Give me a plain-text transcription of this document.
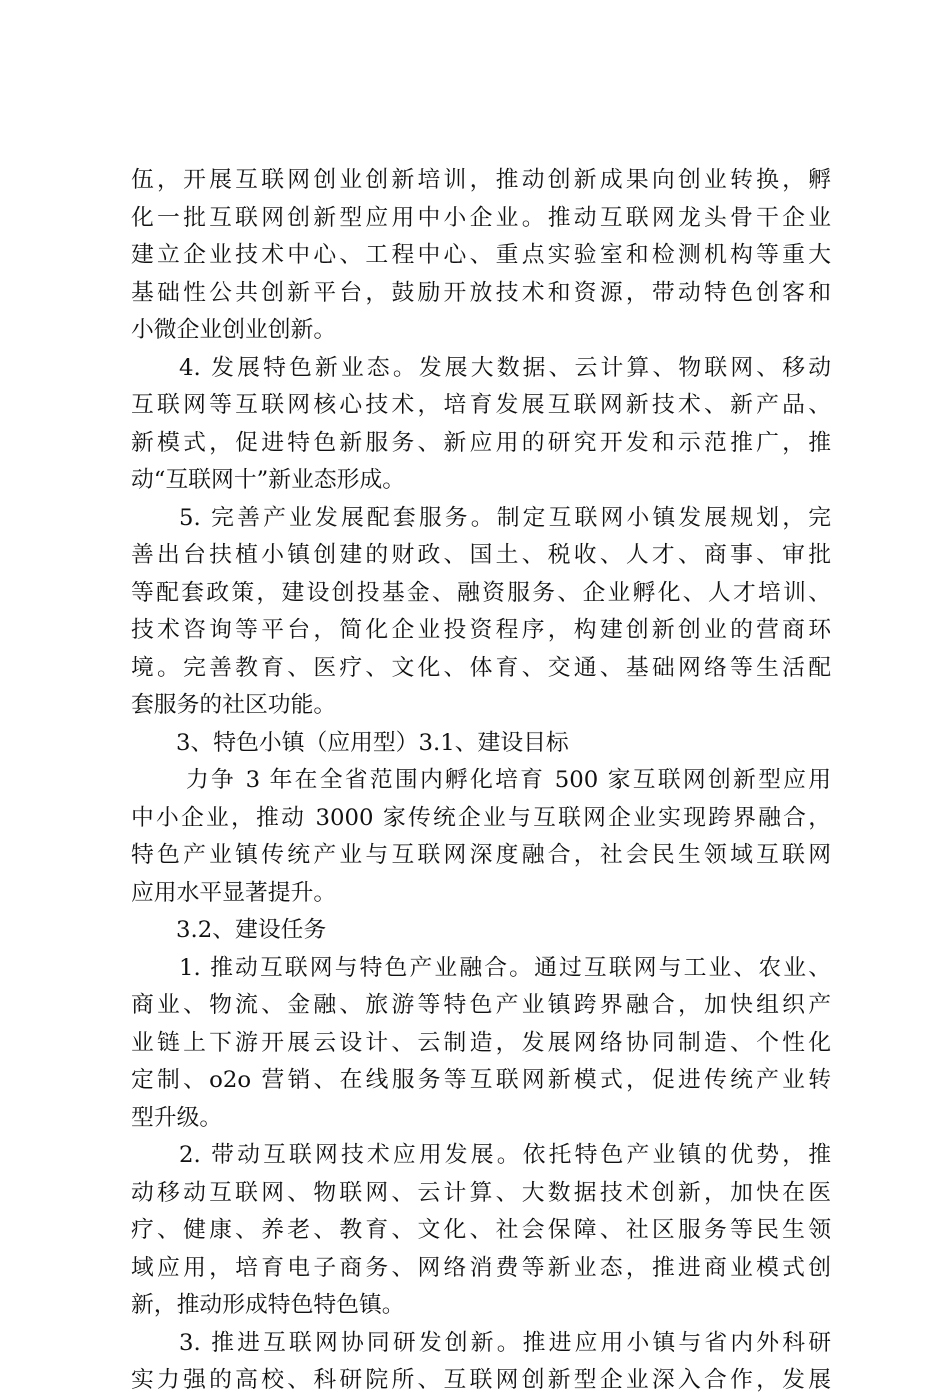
伍，开展互联网创业创新培训，推动创新成果向创业转换，孵
化一批互联网创新型应用中小企业。推动互联网龙头骨干企业
建立企业技术中心、工程中心、重点实验室和检测机构等重大
基础性公共创新平台，鼓励开放技术和资源，带动特色创客和
小微企业创业创新。
4. 发展特色新业态。发展大数据、云计算、物联网、移动
互联网等互联网核心技术，培育发展互联网新技术、新产品、
新模式，促进特色新服务、新应用的研究开发和示范推广，推
动“互联网十”新业态形成。
5. 完善产业发展配套服务。制定互联网小镇发展规划，完
善出台扶植小镇创建的财政、国土、税收、人才、商事、审批
等配套政策，建设创投基金、融资服务、企业孵化、人才培训、
技术咨询等平台，简化企业投资程序，构建创新创业的营商环
境。完善教育、医疗、文化、体育、交通、基础网络等生活配
套服务的社区功能。
3、特色小镇（应用型）3.1、建设目标
力争 3 年在全省范围内孵化培育 500 家互联网创新型应用
中小企业，推动 3000 家传统企业与互联网企业实现跨界融合，
特色产业镇传统产业与互联网深度融合，社会民生领域互联网
应用水平显著提升。
3.2、建设任务
1. 推动互联网与特色产业融合。通过互联网与工业、农业、
商业、物流、金融、旅游等特色产业镇跨界融合，加快组织产
业链上下游开展云设计、云制造，发展网络协同制造、个性化
定制、o2o 营销、在线服务等互联网新模式，促进传统产业转
型升级。
2. 带动互联网技术应用发展。依托特色产业镇的优势，推
动移动互联网、物联网、云计算、大数据技术创新，加快在医
疗、健康、养老、教育、文化、社会保障、社区服务等民生领
域应用，培育电子商务、网络消费等新业态，推进商业模式创
新，推动形成特色特色镇。
3. 推进互联网协同研发创新。推进应用小镇与省内外科研
实力强的高校、科研院所、互联网创新型企业深入合作，发展
